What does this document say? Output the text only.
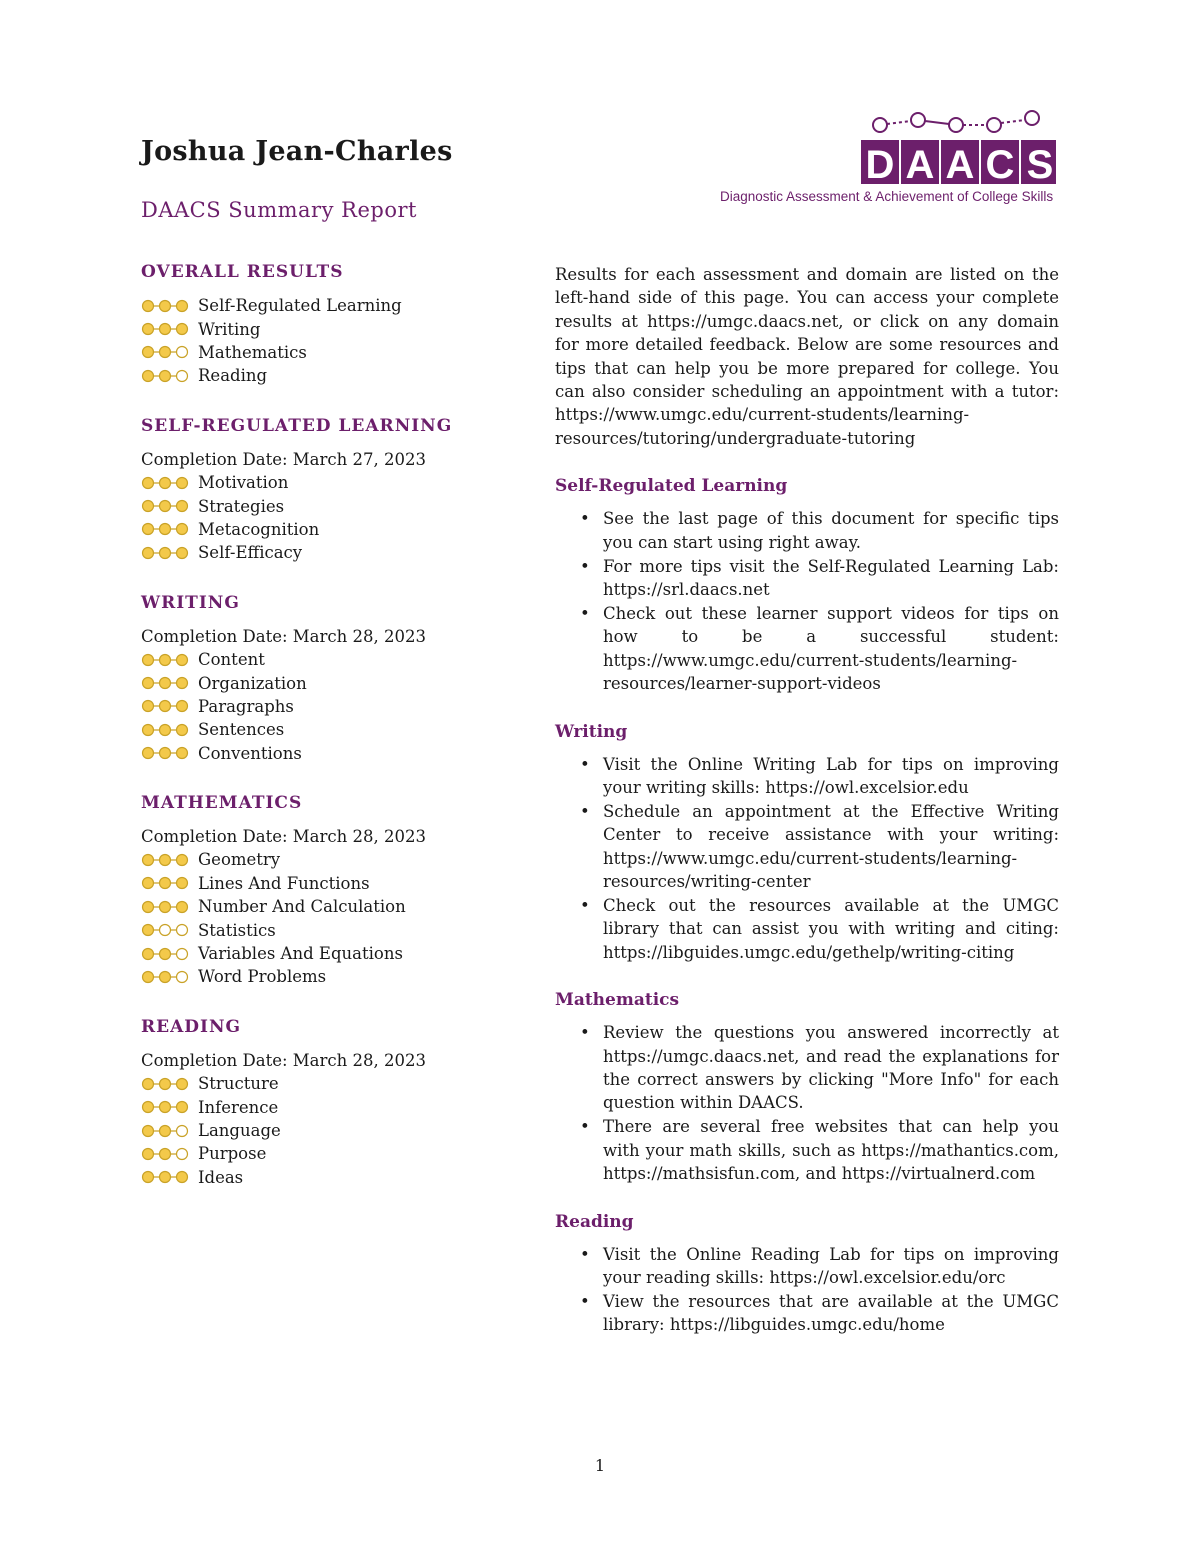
Joshua Jean-Charles
DAACS Summary Report
D A A C S
Diagnostic Assessment & Achievement of College Skills
OVERALL RESULTS
Self-Regulated Learning
Writing
Mathematics
Reading
SELF-REGULATED LEARNING
Completion Date: March 27, 2023
Motivation
Strategies
Metacognition
Self-Efficacy
WRITING
Completion Date: March 28, 2023
Content
Organization
Paragraphs
Sentences
Conventions
MATHEMATICS
Completion Date: March 28, 2023
Geometry
Lines And Functions
Number And Calculation
Statistics
Variables And Equations
Word Problems
READING
Completion Date: March 28, 2023
Structure
Inference
Language
Purpose
Ideas

Results for each assessment and domain are listed on the left-hand side of this page. You can access your complete results at https://umgc.daacs.net, or click on any domain for more detailed feedback. Below are some resources and tips that can help you be more prepared for college. You can also consider scheduling an appointment with a tutor: https://www.umgc.edu/current-students/learning-resources/tutoring/undergraduate-tutoring

Self-Regulated Learning
• See the last page of this document for specific tips you can start using right away.
• For more tips visit the Self-Regulated Learning Lab: https://srl.daacs.net
• Check out these learner support videos for tips on how to be a successful student: https://www.umgc.edu/current-students/learning-resources/learner-support-videos
Writing
• Visit the Online Writing Lab for tips on improving your writing skills: https://owl.excelsior.edu
• Schedule an appointment at the Effective Writing Center to receive assistance with your writing: https://www.umgc.edu/current-students/learning-resources/writing-center
• Check out the resources available at the UMGC library that can assist you with writing and citing: https://libguides.umgc.edu/gethelp/writing-citing
Mathematics
• Review the questions you answered incorrectly at https://umgc.daacs.net, and read the explanations for the correct answers by clicking "More Info" for each question within DAACS.
• There are several free websites that can help you with your math skills, such as https://mathantics.com, https://mathsisfun.com, and https://virtualnerd.com
Reading
• Visit the Online Reading Lab for tips on improving your reading skills: https://owl.excelsior.edu/orc
• View the resources that are available at the UMGC library: https://libguides.umgc.edu/home
1
